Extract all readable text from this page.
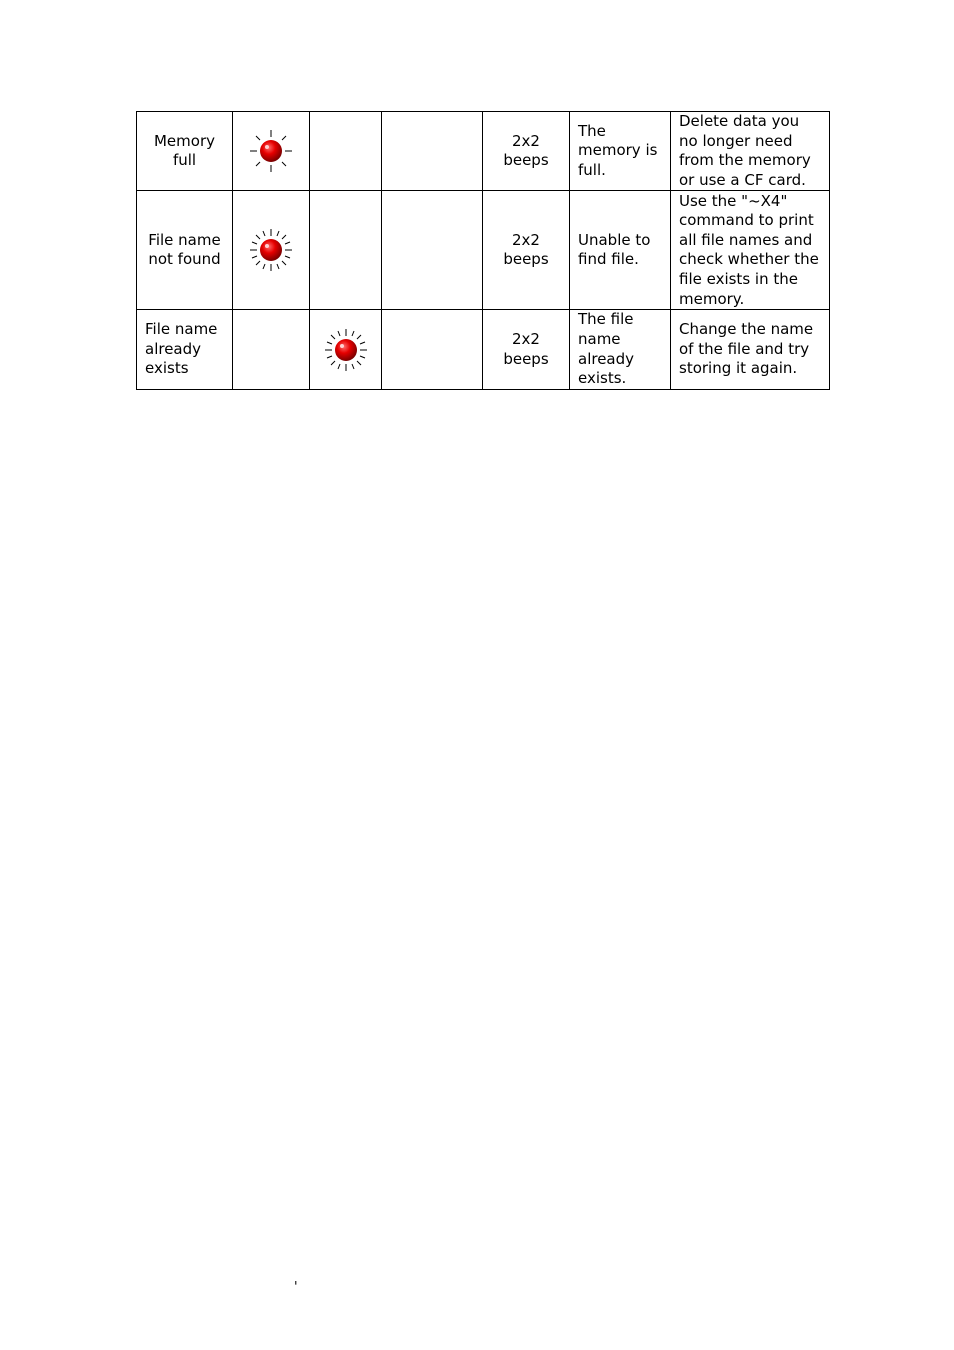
Memory full				2x2 beeps	The memory is full.	Delete data you no longer need from the memory or use a CF card.
File name not found				2x2 beeps	Unable to find file.	Use the "~X4" command to print all file names and check whether the file exists in the memory.
File name already exists				2x2 beeps	The file name already exists.	Change the name of the file and try storing it again.
'
